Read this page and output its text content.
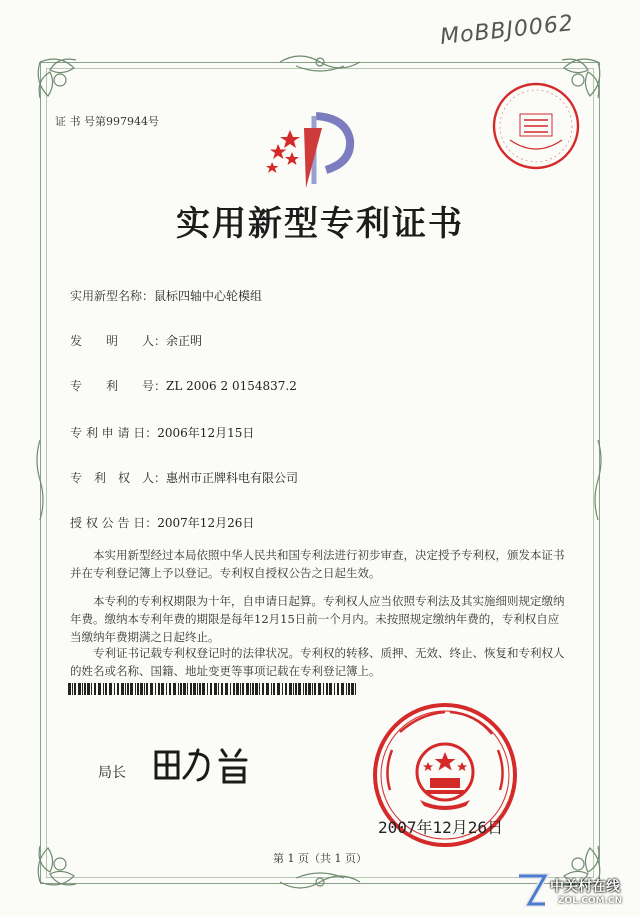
MoBBJ0062
证 书 号第997944号
实用新型专利证书
实用新型名称：鼠标四轴中心轮模组
发　　明　　人：余正明
专　　利　　号：ZL 2006 2 0154837.2
专 利 申 请 日：2006年12月15日
专　利　权　人：惠州市正牌科电有限公司
授 权 公 告 日：2007年12月26日
本实用新型经过本局依照中华人民共和国专利法进行初步审查，决定授予专利权，颁发本证书并在专利登记簿上予以登记。专利权自授权公告之日起生效。
本专利的专利权期限为十年，自申请日起算。专利权人应当依照专利法及其实施细则规定缴纳年费。缴纳本专利年费的期限是每年12月15日前一个月内。未按照规定缴纳年费的，专利权自应当缴纳年费期满之日起终止。
专利证书记载专利权登记时的法律状况。专利权的转移、质押、无效、终止、恢复和专利权人的姓名或名称、国籍、地址变更等事项记载在专利登记簿上。
局长
2007年12月26日
第 1 页（共 1 页）
中关村在线
ZOL.COM.CN
